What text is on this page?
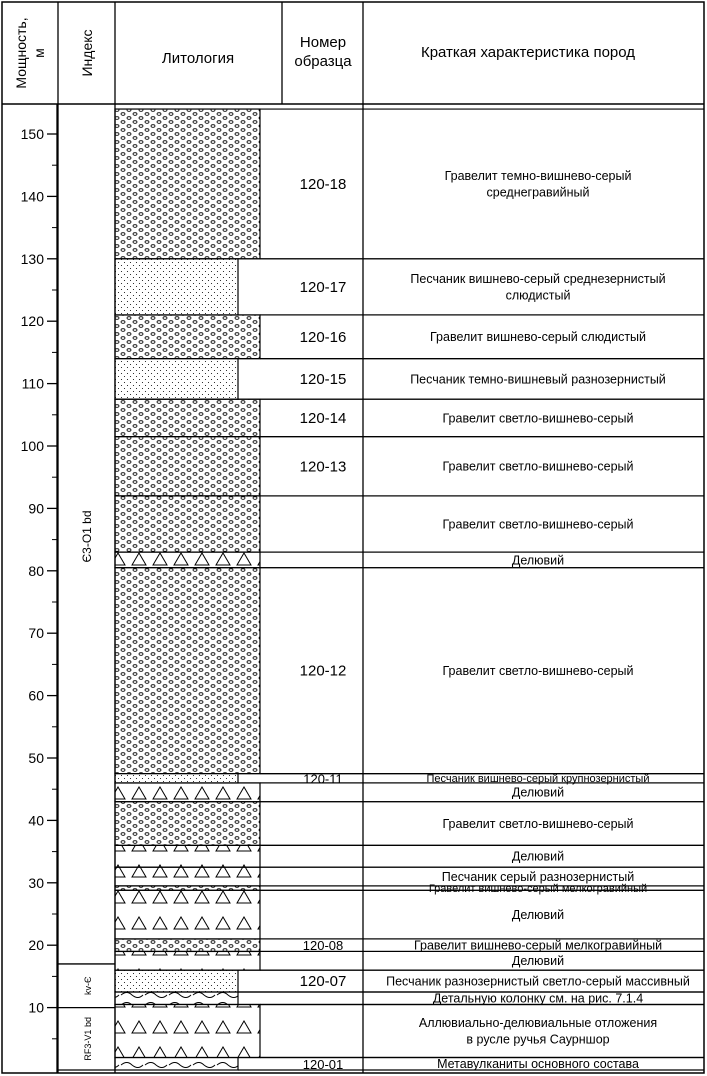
Мощность, м Индекс	Литология
Номер
образца
Краткая характеристика пород
150
140
130
120
110
100
90
80
70
60
50
40
30
20
10
Є3-O1 bd
kv-Є
RF3-V1 bd
120-18	Гравелит темно-вишнево-серый
среднегравийный
120-17	Песчаник вишнево-серый среднезернистый
слюдистый
120-16	Гравелит вишнево-серый слюдистый
120-15	Песчаник темно-вишневый разнозернистый
120-14	Гравелит светло-вишнево-серый
120-13	Гравелит светло-вишнево-серый
Гравелит светло-вишнево-серый
Делювий
120-12	Гравелит светло-вишнево-серый
120-11	Песчаник вишнево-серый крупнозернистый
Делювий
Гравелит светло-вишнево-серый
Делювий
Песчаник серый разнозернистый
Гравелит вишнево-серый мелкогравийный
Делювий
120-08	Гравелит вишнево-серый мелкогравийный
Делювий
120-07	Песчаник разнозернистый светло-серый массивный
Детальную колонку см. на рис. 7.1.4
Аллювиально-делювиальные отложения
в русле ручья Саурншор
120-01	Метавулканиты основного состава
